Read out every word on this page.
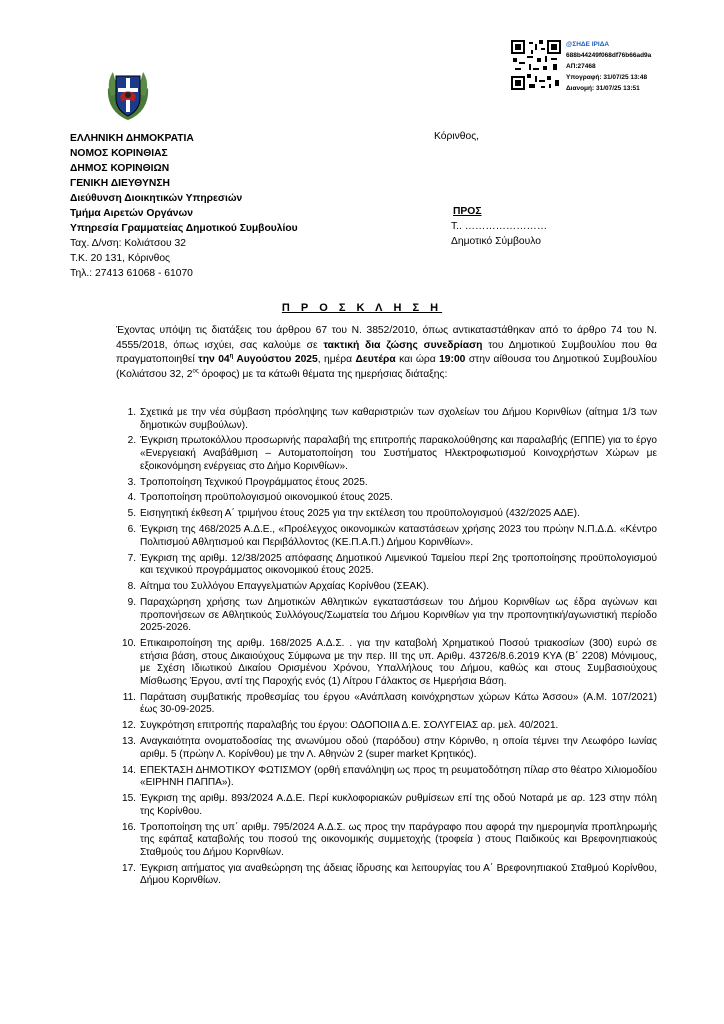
@ΣΗΔΕ ΙΡΙΔΑ
688b44249f068df76b66ad9a
ΑΠ:27468
Υπογραφή: 31/07/25 13:48
Διανομή: 31/07/25 13:51
ΕΛΛΗΝΙΚΗ ΔΗΜΟΚΡΑΤΙΑ
ΝΟΜΟΣ ΚΟΡΙΝΘΙΑΣ
ΔΗΜΟΣ ΚΟΡΙΝΘΙΩΝ
ΓΕΝΙΚΗ ΔΙΕΥΘΥΝΣΗ
Διεύθυνση Διοικητικών Υπηρεσιών
Τμήμα Αιρετών Οργάνων
Υπηρεσία Γραμματείας Δημοτικού Συμβουλίου
Ταχ. Δ/νση: Κολιάτσου 32
Τ.Κ. 20 131, Κόρινθος
Τηλ.: 27413 61068 - 61070
Κόρινθος,
ΠΡΟΣ
Τ.. ……………………
Δημοτικό Σύμβουλο
Π Ρ Ο Σ Κ Λ Η Σ Η
Έχοντας υπόψη τις διατάξεις του άρθρου 67 του Ν. 3852/2010, όπως αντικαταστάθηκαν από το άρθρο 74 του Ν. 4555/2018, όπως ισχύει, σας καλούμε σε τακτική δια ζώσης συνεδρίαση του Δημοτικού Συμβουλίου που θα πραγματοποιηθεί την $04^\eta$ Αυγούστου 2025, ημέρα Δευτέρα και ώρα 19:00 στην αίθουσα του Δημοτικού Συμβουλίου (Κολιάτσου 32, $2^{o\varsigma}$ όροφος) με τα κάτωθι θέματα της ημερήσιας διάταξης:
1. Σχετικά με την νέα σύμβαση πρόσληψης των καθαριστριών των σχολείων του Δήμου Κορινθίων (αίτημα 1/3 των δημοτικών συμβούλων).
2. Έγκριση πρωτοκόλλου προσωρινής παραλαβή της επιτροπής παρακολούθησης και παραλαβής (ΕΠΠΕ) για το έργο «Ενεργειακή Αναβάθμιση – Αυτοματοποίηση του Συστήματος Ηλεκτροφωτισμού Κοινοχρήστων Χώρων με εξοικονόμηση ενέργειας στο Δήμο Κορινθίων».
3. Τροποποίηση Τεχνικού Προγράμματος έτους 2025.
4. Τροποποίηση προϋπολογισμού οικονομικού έτους 2025.
5. Εισηγητική έκθεση Α΄ τριμήνου έτους 2025 για την εκτέλεση του προϋπολογισμού (432/2025 ΑΔΕ).
6. Έγκριση της 468/2025 Α.Δ.Ε., «Προέλεγχος οικονομικών καταστάσεων χρήσης 2023 του πρώην Ν.Π.Δ.Δ. «Κέντρο Πολιτισμού Αθλητισμού και Περιβάλλοντος (ΚΕ.Π.Α.Π.) Δήμου Κορινθίων».
7. Έγκριση της αριθμ. 12/38/2025 απόφασης Δημοτικού Λιμενικού Ταμείου περί 2ης τροποποίησης προϋπολογισμού και τεχνικού προγράμματος οικονομικού έτους 2025.
8. Αίτημα του Συλλόγου Επαγγελματιών Αρχαίας Κορίνθου (ΣΕΑΚ).
9. Παραχώρηση χρήσης των Δημοτικών Αθλητικών εγκαταστάσεων του Δήμου Κορινθίων ως έδρα αγώνων και προπονήσεων σε Αθλητικούς Συλλόγους/Σωματεία του Δήμου Κορινθίων για την προπονητική/αγωνιστική περίοδο 2025-2026.
10. Επικαιροποίηση της αριθμ. 168/2025 Α.Δ.Σ. . για την καταβολή Χρηματικού Ποσού τριακοσίων (300) ευρώ σε ετήσια βάση, στους Δικαιούχους Σύμφωνα με την περ. ΙΙΙ της υπ. Αριθμ. 43726/8.6.2019 ΚΥΑ (Β΄ 2208) Μόνιμους, με Σχέση Ιδιωτικού Δικαίου Ορισμένου Χρόνου, Υπαλλήλους του Δήμου, καθώς και στους Συμβασιούχους Μίσθωσης Έργου, αντί της Παροχής ενός (1) Λίτρου Γάλακτος σε Ημερήσια Βάση.
11. Παράταση συμβατικής προθεσμίας του έργου «Ανάπλαση κοινόχρηστων χώρων Κάτω Άσσου» (Α.Μ. 107/2021) έως 30-09-2025.
12. Συγκρότηση επιτροπής παραλαβής του έργου: ΟΔΟΠΟΙΙΑ Δ.Ε. ΣΟΛΥΓΕΙΑΣ αρ. μελ. 40/2021.
13. Αναγκαιότητα ονοματοδοσίας της ανωνύμου οδού (παρόδου) στην Κόρινθο, η οποία τέμνει την Λεωφόρο Ιωνίας αριθμ. 5 (πρώην Λ. Κορίνθου) με την Λ. Αθηνών 2 (super market Κρητικός).
14. ΕΠΕΚΤΑΣΗ ΔΗΜΟΤΙΚΟΥ ΦΩΤΙΣΜΟΥ (ορθή επανάληψη ως προς τη ρευματοδότηση πίλαρ στο θέατρο Χιλιομοδίου «ΕΙΡΗΝΗ ΠΑΠΠΑ»).
15. Έγκριση της αριθμ. 893/2024 Α.Δ.Ε. Περί κυκλοφοριακών ρυθμίσεων επί της οδού Νοταρά με αρ. 123 στην πόλη της Κορίνθου.
16. Τροποποίηση της υπ΄ αριθμ. 795/2024 Α.Δ.Σ. ως προς την παράγραφο που αφορά την ημερομηνία προπληρωμής της εφάπαξ καταβολής του ποσού της οικονομικής συμμετοχής (τροφεία ) στους Παιδικούς και Βρεφονηπιακούς Σταθμούς του Δήμου Κορινθίων.
17. Έγκριση αιτήματος για αναθεώρηση της άδειας ίδρυσης και λειτουργίας του Α΄ Βρεφονηπιακού Σταθμού Κορίνθου, Δήμου Κορινθίων.
